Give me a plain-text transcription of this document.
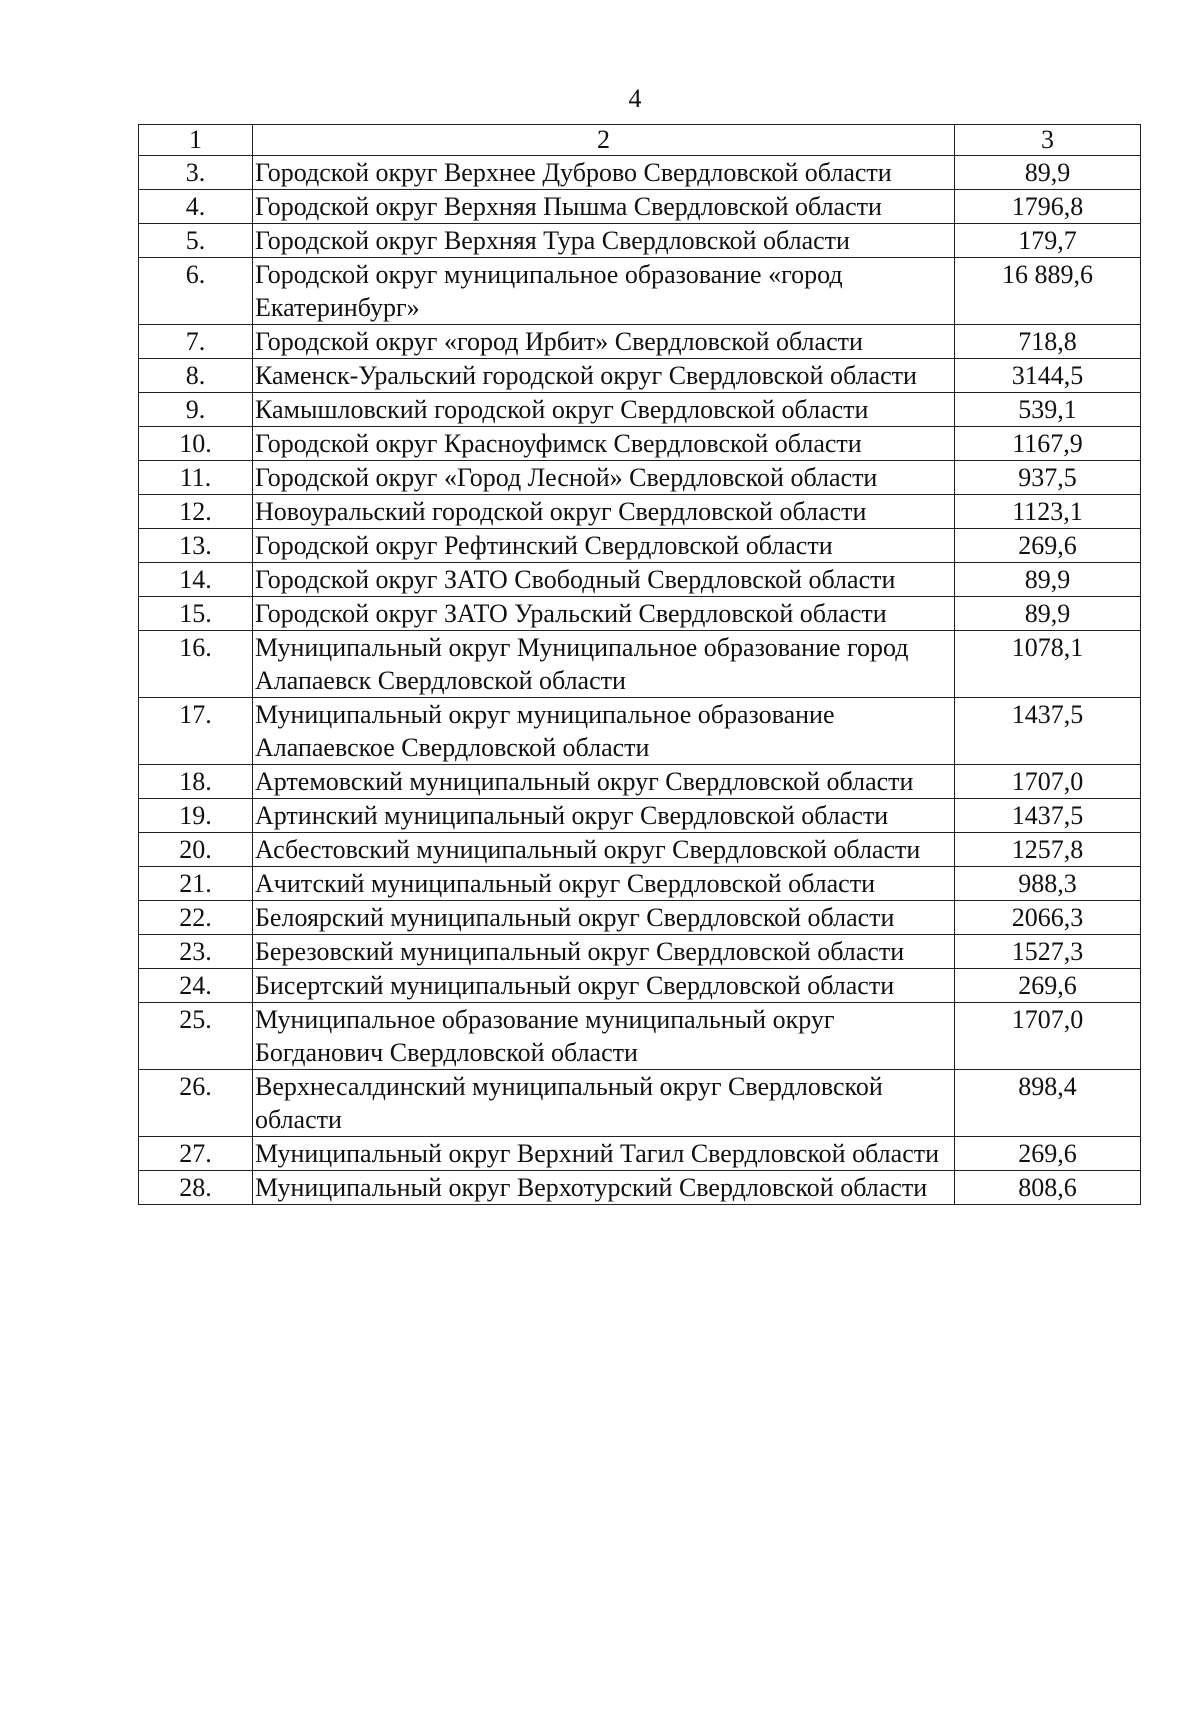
4
1	2	3
3.	Городской округ Верхнее Дуброво Свердловской области	89,9
4.	Городской округ Верхняя Пышма Свердловской области	1796,8
5.	Городской округ Верхняя Тура Свердловской области	179,7
6.	Городской округ муниципальное образование «город Екатеринбург»	16 889,6
7.	Городской округ «город Ирбит» Свердловской области	718,8
8.	Каменск-Уральский городской округ Свердловской области	3144,5
9.	Камышловский городской округ Свердловской области	539,1
10.	Городской округ Красноуфимск Свердловской области	1167,9
11.	Городской округ «Город Лесной» Свердловской области	937,5
12.	Новоуральский городской округ Свердловской области	1123,1
13.	Городской округ Рефтинский Свердловской области	269,6
14.	Городской округ ЗАТО Свободный Свердловской области	89,9
15.	Городской округ ЗАТО Уральский Свердловской области	89,9
16.	Муниципальный округ Муниципальное образование город Алапаевск Свердловской области	1078,1
17.	Муниципальный округ муниципальное образование Алапаевское Свердловской области	1437,5
18.	Артемовский муниципальный округ Свердловской области	1707,0
19.	Артинский муниципальный округ Свердловской области	1437,5
20.	Асбестовский муниципальный округ Свердловской области	1257,8
21.	Ачитский муниципальный округ Свердловской области	988,3
22.	Белоярский муниципальный округ Свердловской области	2066,3
23.	Березовский муниципальный округ Свердловской области	1527,3
24.	Бисертский муниципальный округ Свердловской области	269,6
25.	Муниципальное образование муниципальный округ Богданович Свердловской области	1707,0
26.	Верхнесалдинский муниципальный округ Свердловской области	898,4
27.	Муниципальный округ Верхний Тагил Свердловской области	269,6
28.	Муниципальный округ Верхотурский Свердловской области	808,6
